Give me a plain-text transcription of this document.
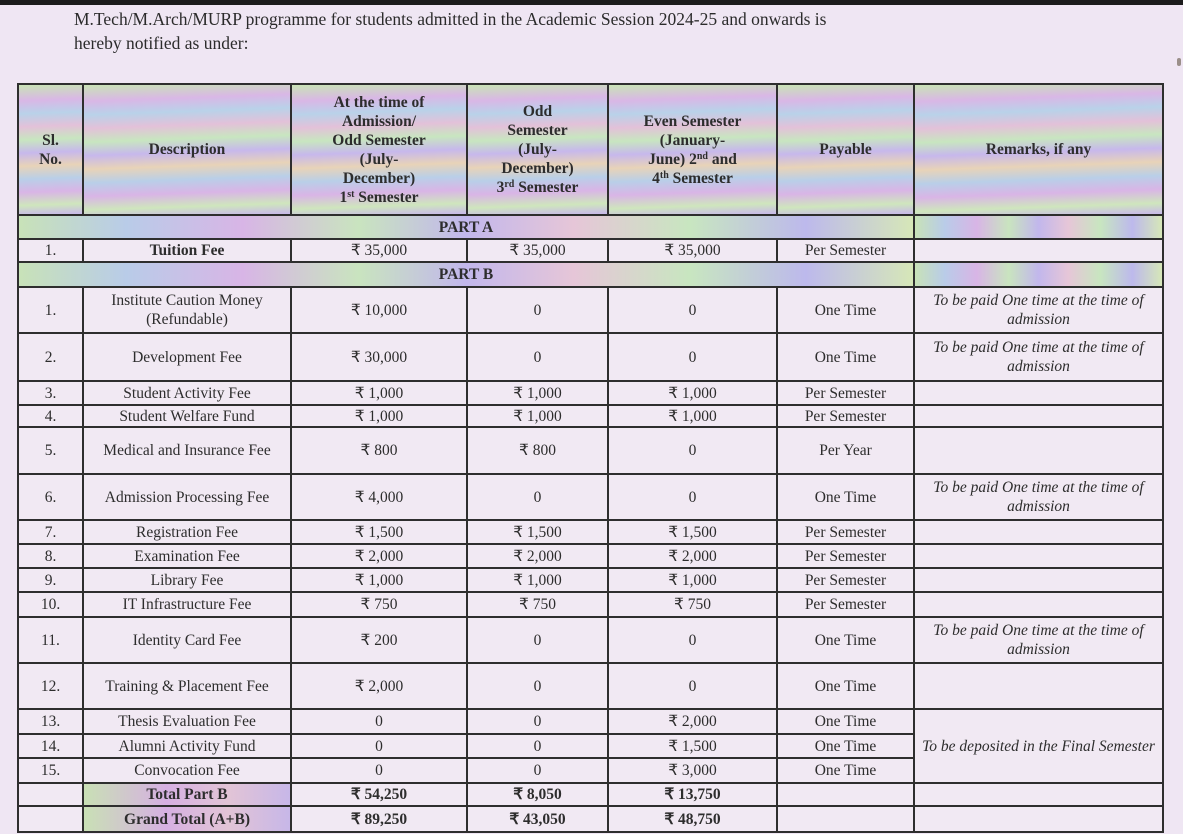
M.Tech/M.Arch/MURP programme for students admitted in the Academic Session 2024-25 and onwards is
hereby notified as under:
Sl.
No.	Description	At the time of
Admission/
Odd Semester
(July-
December)
1st Semester	Odd
Semester
(July-
December)
3rd Semester	Even Semester
(January-
June) 2nd and
4th Semester	Payable	Remarks, if any
PART A						
1.	Tuition Fee	₹ 35,000	₹ 35,000	₹ 35,000	Per Semester	
PART B						
1.	Institute Caution Money (Refundable)	₹ 10,000	0	0	One Time	To be paid One time at the time of admission
2.	Development Fee	₹ 30,000	0	0	One Time	To be paid One time at the time of admission
3.	Student Activity Fee	₹ 1,000	₹ 1,000	₹ 1,000	Per Semester	
4.	Student Welfare Fund	₹ 1,000	₹ 1,000	₹ 1,000	Per Semester	
5.	Medical and Insurance Fee	₹ 800	₹ 800	0	Per Year	
6.	Admission Processing Fee	₹ 4,000	0	0	One Time	To be paid One time at the time of admission
7.	Registration Fee	₹ 1,500	₹ 1,500	₹ 1,500	Per Semester	
8.	Examination Fee	₹ 2,000	₹ 2,000	₹ 2,000	Per Semester	
9.	Library Fee	₹ 1,000	₹ 1,000	₹ 1,000	Per Semester	
10.	IT Infrastructure Fee	₹ 750	₹ 750	₹ 750	Per Semester	
11.	Identity Card Fee	₹ 200	0	0	One Time	To be paid One time at the time of admission
12.	Training & Placement Fee	₹ 2,000	0	0	One Time	
13.	Thesis Evaluation Fee	0	0	₹ 2,000	One Time	To be deposited in the Final Semester
14.	Alumni Activity Fund	0	0	₹ 1,500	One Time	
15.	Convocation Fee	0	0	₹ 3,000	One Time	
	Total Part B	₹ 54,250	₹ 8,050	₹ 13,750		
	Grand Total (A+B)	₹ 89,250	₹ 43,050	₹ 48,750		
